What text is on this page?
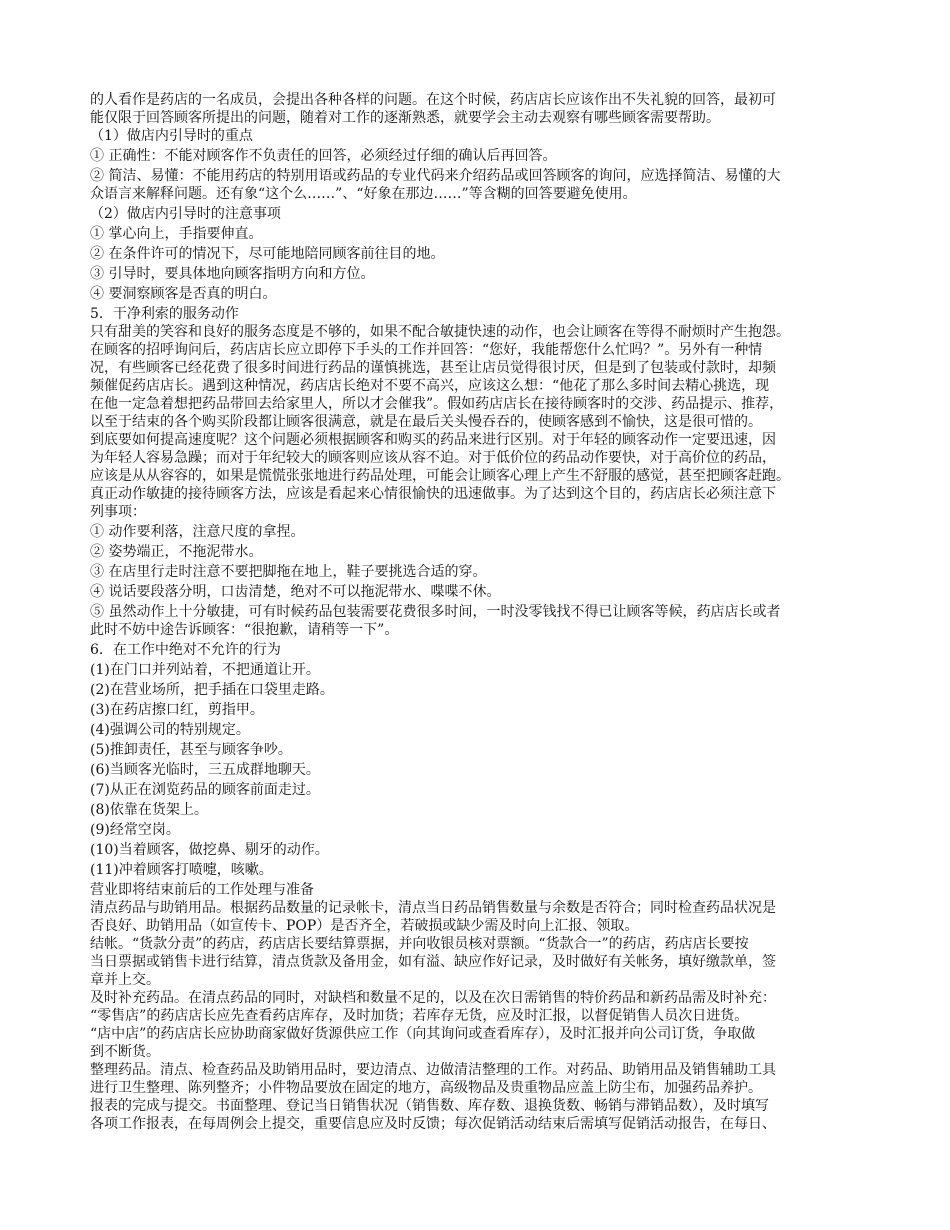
的人看作是药店的一名成员，会提出各种各样的问题。在这个时候，药店店长应该作出不失礼貌的回答，最初可
能仅限于回答顾客所提出的问题，随着对工作的逐渐熟悉，就要学会主动去观察有哪些顾客需要帮助。
（1）做店内引导时的重点
① 正确性：不能对顾客作不负责任的回答，必须经过仔细的确认后再回答。
② 简洁、易懂：不能用药店的特别用语或药品的专业代码来介绍药品或回答顾客的询问，应选择简洁、易懂的大
众语言来解释问题。还有象“这个么……”、“好象在那边……”等含糊的回答要避免使用。
（2）做店内引导时的注意事项
① 掌心向上，手指要伸直。
② 在条件许可的情况下，尽可能地陪同顾客前往目的地。
③ 引导时，要具体地向顾客指明方向和方位。
④ 要洞察顾客是否真的明白。
5．干净利索的服务动作
只有甜美的笑容和良好的服务态度是不够的，如果不配合敏捷快速的动作，也会让顾客在等得不耐烦时产生抱怨。
在顾客的招呼询问后，药店店长应立即停下手头的工作并回答：“您好，我能帮您什么忙吗？”。另外有一种情
况，有些顾客已经花费了很多时间进行药品的谨慎挑选，甚至让店员觉得很讨厌，但是到了包装或付款时，却频
频催促药店店长。遇到这种情况，药店店长绝对不要不高兴，应该这么想：“他花了那么多时间去精心挑选，现
在他一定急着想把药品带回去给家里人，所以才会催我”。假如药店店长在接待顾客时的交涉、药品提示、推荐，
以至于结束的各个购买阶段都让顾客很满意，就是在最后关头慢吞吞的，使顾客感到不愉快，这是很可惜的。
到底要如何提高速度呢？这个问题必须根据顾客和购买的药品来进行区别。对于年轻的顾客动作一定要迅速，因
为年轻人容易急躁；而对于年纪较大的顾客则应该从容不迫。对于低价位的药品动作要快，对于高价位的药品，
应该是从从容容的，如果是慌慌张张地进行药品处理，可能会让顾客心理上产生不舒服的感觉，甚至把顾客赶跑。
真正动作敏捷的接待顾客方法，应该是看起来心情很愉快的迅速做事。为了达到这个目的，药店店长必须注意下
列事项：
① 动作要利落，注意尺度的拿捏。
② 姿势端正，不拖泥带水。
③ 在店里行走时注意不要把脚拖在地上，鞋子要挑选合适的穿。
④ 说话要段落分明，口齿清楚，绝对不可以拖泥带水、喋喋不休。
⑤ 虽然动作上十分敏捷，可有时候药品包装需要花费很多时间，一时没零钱找不得已让顾客等候，药店店长或者
此时不妨中途告诉顾客：“很抱歉，请稍等一下”。
6．在工作中绝对不允许的行为
(1)在门口并列站着，不把通道让开。
(2)在营业场所，把手插在口袋里走路。
(3)在药店擦口红，剪指甲。
(4)强调公司的特别规定。
(5)推卸责任，甚至与顾客争吵。
(6)当顾客光临时，三五成群地聊天。
(7)从正在浏览药品的顾客前面走过。
(8)依靠在货架上。
(9)经常空岗。
(10)当着顾客，做挖鼻、剔牙的动作。
(11)冲着顾客打喷嚏，咳嗽。
营业即将结束前后的工作处理与准备
清点药品与助销用品。根据药品数量的记录帐卡，清点当日药品销售数量与余数是否符合；同时检查药品状况是
否良好、助销用品（如宣传卡、POP）是否齐全，若破损或缺少需及时向上汇报、领取。
结帐。“货款分责”的药店，药店店长要结算票据，并向收银员核对票额。“货款合一”的药店，药店店长要按
当日票据或销售卡进行结算，清点货款及备用金，如有溢、缺应作好记录，及时做好有关帐务，填好缴款单，签
章并上交。
及时补充药品。在清点药品的同时，对缺档和数量不足的，以及在次日需销售的特价药品和新药品需及时补充：
“零售店”的药店店长应先查看药店库存，及时加货；若库存无货，应及时汇报，以督促销售人员次日进货。
“店中店”的药店店长应协助商家做好货源供应工作（向其询问或查看库存），及时汇报并向公司订货，争取做
到不断货。
整理药品。清点、检查药品及助销用品时，要边清点、边做清洁整理的工作。对药品、助销用品及销售辅助工具
进行卫生整理、陈列整齐；小件物品要放在固定的地方，高级物品及贵重物品应盖上防尘布，加强药品养护。
报表的完成与提交。书面整理、登记当日销售状况（销售数、库存数、退换货数、畅销与滞销品数），及时填写
各项工作报表，在每周例会上提交，重要信息应及时反馈；每次促销活动结束后需填写促销活动报告，在每日、
